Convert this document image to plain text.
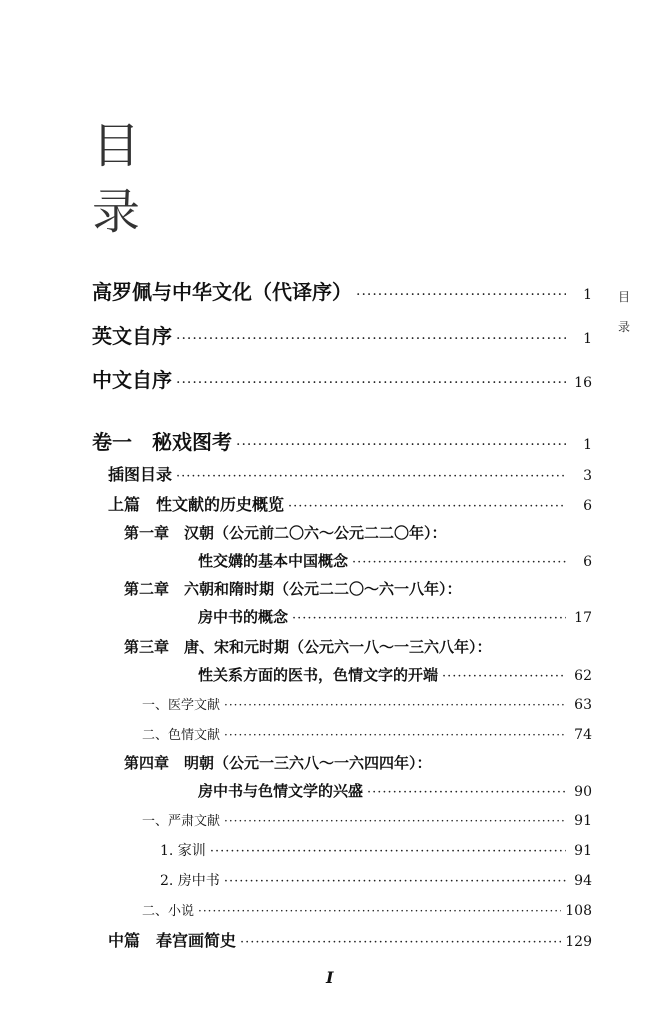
目
录
目
录
高罗佩与中华文化（代译序） ·····	1
英文自序 ·····	1
中文自序 ·····	16
卷一　秘戏图考 ·····	1
插图目录 ·····	3
上篇　性文献的历史概览 ·····	6
第一章　汉朝（公元前二〇六～公元二二〇年）：
性交媾的基本中国概念 ·····	6
第二章　六朝和隋时期（公元二二〇～六一八年）：
房中书的概念 ·····	17
第三章　唐、宋和元时期（公元六一八～一三六八年）：
性关系方面的医书，色情文字的开端 ·····	62
一、医学文献 ·····	63
二、色情文献 ·····	74
第四章　明朝（公元一三六八～一六四四年）：
房中书与色情文学的兴盛 ·····	90
一、严肃文献 ·····	91
1. 家训 ·····	91
2. 房中书 ·····	94
二、小说 ·····	108
中篇　春宫画简史 ·····	129
I
